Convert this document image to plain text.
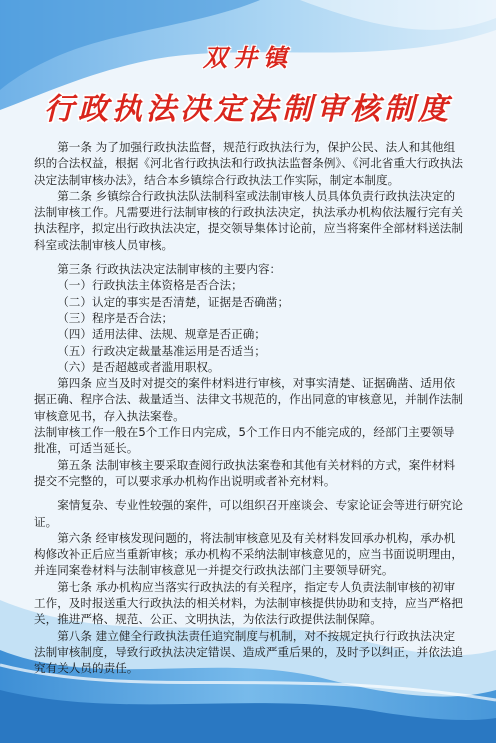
双井镇
行政执法决定法制审核制度

第一条 为了加强行政执法监督，规范行政执法行为，保护公民、法人和其他组织的合法权益，根据《河北省行政执法和行政执法监督条例》、《河北省重大行政执法决定法制审核办法》，结合本乡镇综合行政执法工作实际，制定本制度。

第二条 乡镇综合行政执法队法制科室或法制审核人员具体负责行政执法决定的法制审核工作。凡需要进行法制审核的行政执法决定，执法承办机构依法履行完有关执法程序，拟定出行政执法决定，提交领导集体讨论前，应当将案件全部材料送法制科室或法制审核人员审核。

第三条 行政执法决定法制审核的主要内容：

（一）行政执法主体资格是否合法；

（二）认定的事实是否清楚，证据是否确凿；

（三）程序是否合法；

（四）适用法律、法规、规章是否正确；

（五）行政决定裁量基准运用是否适当；

（六）是否超越或者滥用职权。

第四条 应当及时对提交的案件材料进行审核，对事实清楚、证据确凿、适用依据正确、程序合法、裁量适当、法律文书规范的，作出同意的审核意见，并制作法制审核意见书，存入执法案卷。

法制审核工作一般在5个工作日内完成，5个工作日内不能完成的，经部门主要领导批准，可适当延长。

第五条 法制审核主要采取查阅行政执法案卷和其他有关材料的方式，案件材料提交不完整的，可以要求承办机构作出说明或者补充材料。

案情复杂、专业性较强的案件，可以组织召开座谈会、专家论证会等进行研究论证。

第六条 经审核发现问题的，将法制审核意见及有关材料发回承办机构，承办机构修改补正后应当重新审核；承办机构不采纳法制审核意见的，应当书面说明理由，并连同案卷材料与法制审核意见一并提交行政执法部门主要领导研究。

第七条 承办机构应当落实行政执法的有关程序，指定专人负责法制审核的初审工作，及时报送重大行政执法的相关材料，为法制审核提供协助和支持，应当严格把关，推进严格、规范、公正、文明执法，为依法行政提供法制保障。

第八条 建立健全行政执法责任追究制度与机制，对不按规定执行行政执法决定法制审核制度，导致行政执法决定错误、造成严重后果的，及时予以纠正，并依法追究有关人员的责任。
